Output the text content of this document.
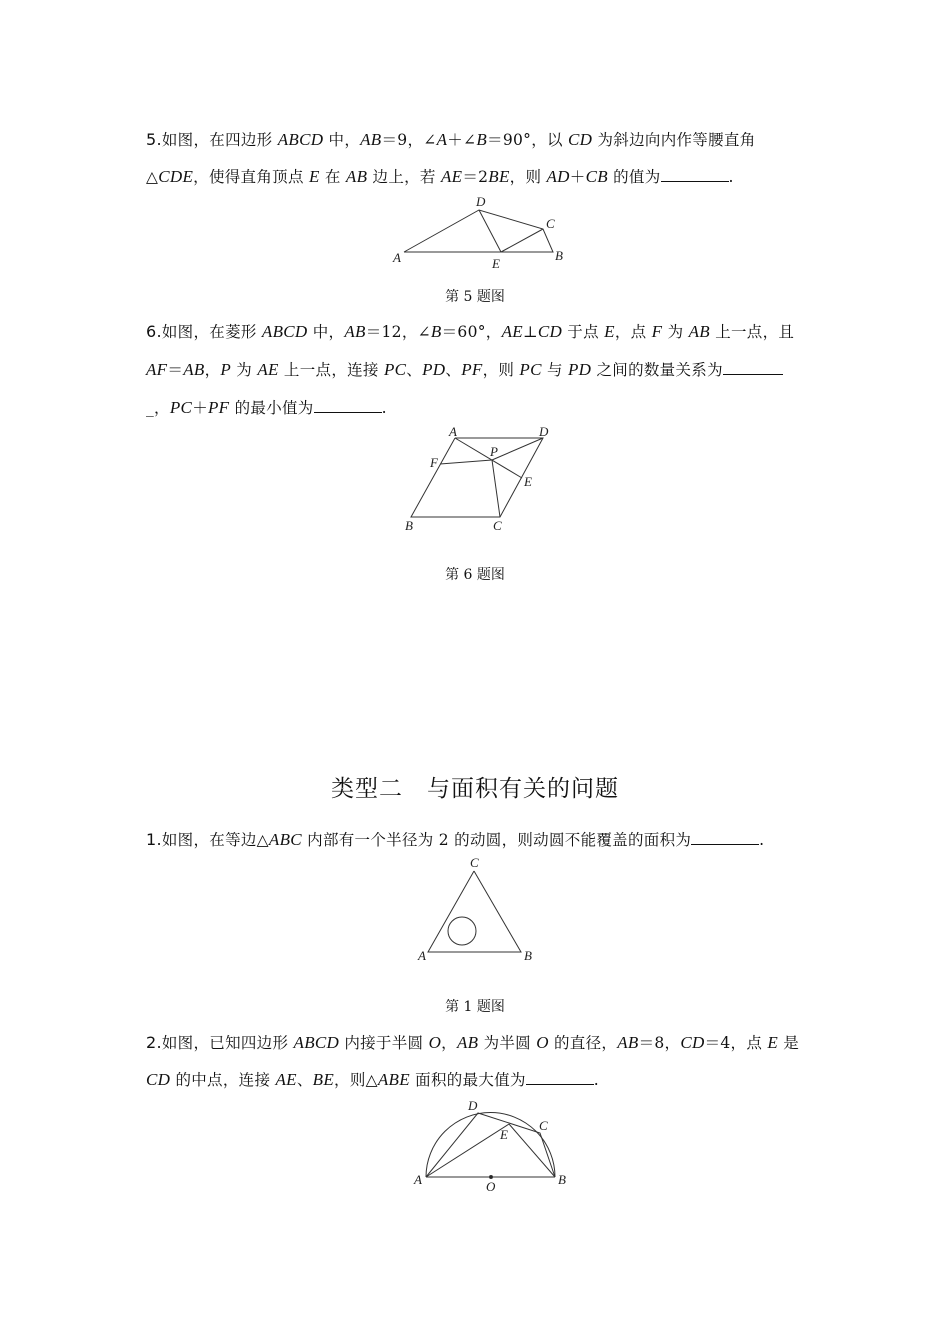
5.如图，在四边形 ABCD 中，AB＝9，∠A＋∠B＝90°，以 CD 为斜边向内作等腰直角
△CDE，使得直角顶点 E 在 AB 边上，若 AE＝2BE，则 AD＋CB 的值为	.
第 5 题图
6.如图，在菱形 ABCD 中，AB＝12，∠B＝60°，AE⊥CD 于点 E，点 F 为 AB 上一点，且
AF＝AB，P 为 AE 上一点，连接 PC、PD、PF，则 PC 与 PD 之间的数量关系为
_，PC＋PF 的最小值为	.
第 6 题图
类型二　与面积有关的问题
1.如图，在等边△ABC 内部有一个半径为 2 的动圆，则动圆不能覆盖的面积为	.
第 1 题图
2.如图，已知四边形 ABCD 内接于半圆 O，AB 为半圆 O 的直径，AB＝8，CD＝4，点 E 是
CD 的中点，连接 AE、BE，则△ABE 面积的最大值为	.
D
C
A	E
B
A	D
P
F
E
B	C
C
A	B
D
C
E
A	B
O
